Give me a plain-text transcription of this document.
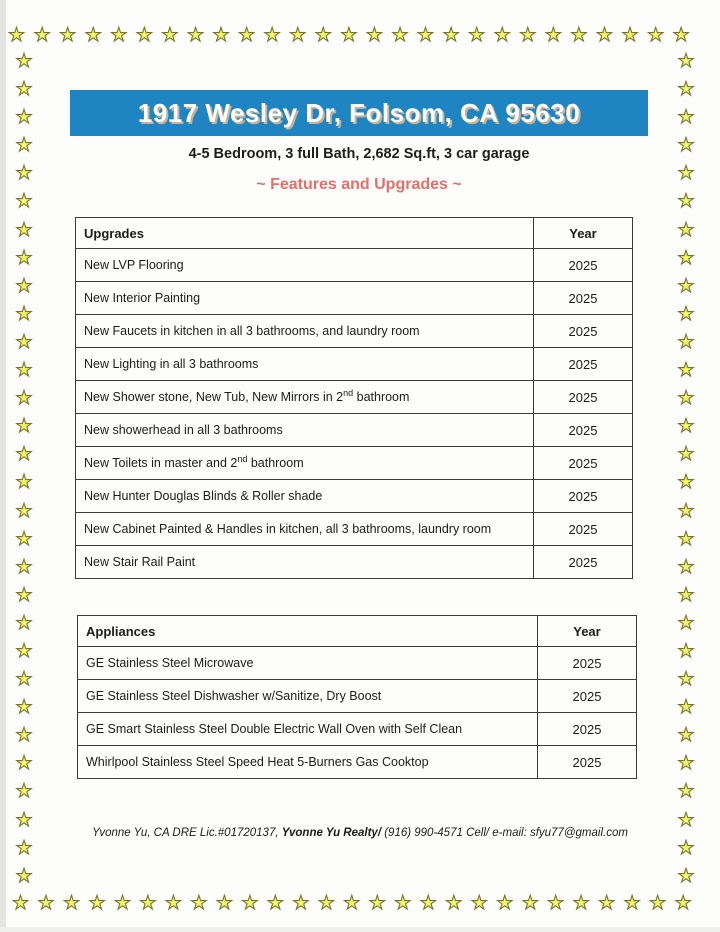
★ ★ ★ ★ ★ ★ ★ ★ ★ ★ ★ ★ ★ ★ ★ ★ ★ ★ ★ ★ ★ ★ ★ ★ ★ ★ ★
★
★
★
★
★
★
★
★
★
★
★
★
★
★
★
★
★
★
★
★
★
★
★
★
★
★
★
★
★
★
★
★
★
★
★
★
★
★
★
★
★
★
★
★
★
★
★
★
★
★
★
★
★
★
★
★
★
★
★
★
★ ★ ★ ★ ★ ★ ★ ★ ★ ★ ★ ★ ★ ★ ★ ★ ★ ★ ★ ★ ★ ★ ★ ★ ★ ★ ★
1917 Wesley Dr, Folsom, CA 95630
4-5 Bedroom, 3 full Bath, 2,682 Sq.ft, 3 car garage
~ Features and Upgrades ~
Upgrades	Year
New LVP Flooring	2025
New Interior Painting	2025
New Faucets in kitchen in all 3 bathrooms, and laundry room	2025
New Lighting in all 3 bathrooms	2025
New Shower stone, New Tub, New Mirrors in 2nd bathroom	2025
New showerhead in all 3 bathrooms	2025
New Toilets in master and 2nd bathroom	2025
New Hunter Douglas Blinds & Roller shade	2025
New Cabinet Painted & Handles in kitchen, all 3 bathrooms, laundry room	2025
New Stair Rail Paint	2025
Appliances	Year
GE Stainless Steel Microwave	2025
GE Stainless Steel Dishwasher w/Sanitize, Dry Boost	2025
GE Smart Stainless Steel Double Electric Wall Oven with Self Clean	2025
Whirlpool Stainless Steel Speed Heat 5-Burners Gas Cooktop	2025
Yvonne Yu, CA DRE Lic.#01720137, Yvonne Yu Realty/ (916) 990-4571 Cell/ e-mail: sfyu77@gmail.com
